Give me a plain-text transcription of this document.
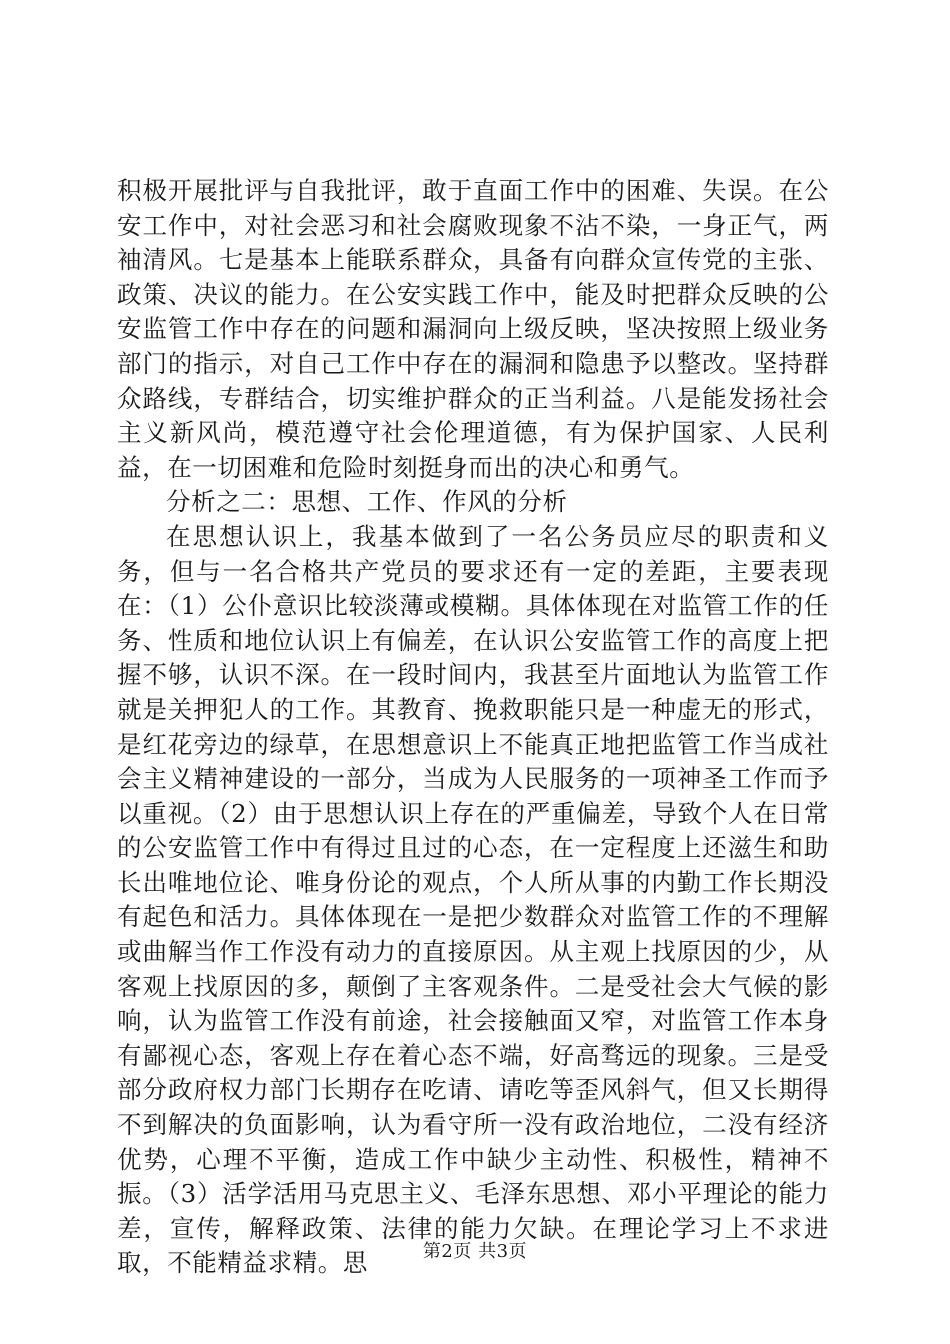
积极开展批评与自我批评，敢于直面工作中的困难、失误。在公安工作中，对社会恶习和社会腐败现象不沾不染，一身正气，两袖清风。七是基本上能联系群众，具备有向群众宣传党的主张、政策、决议的能力。在公安实践工作中，能及时把群众反映的公安监管工作中存在的问题和漏洞向上级反映，坚决按照上级业务部门的指示，对自己工作中存在的漏洞和隐患予以整改。坚持群众路线，专群结合，切实维护群众的正当利益。八是能发扬社会主义新风尚，模范遵守社会伦理道德，有为保护国家、人民利益，在一切困难和危险时刻挺身而出的决心和勇气。

分析之二：思想、工作、作风的分析

在思想认识上，我基本做到了一名公务员应尽的职责和义务，但与一名合格共产党员的要求还有一定的差距，主要表现在：（1）公仆意识比较淡薄或模糊。具体体现在对监管工作的任务、性质和地位认识上有偏差，在认识公安监管工作的高度上把握不够，认识不深。在一段时间内，我甚至片面地认为监管工作就是关押犯人的工作。其教育、挽救职能只是一种虚无的形式，是红花旁边的绿草，在思想意识上不能真正地把监管工作当成社会主义精神建设的一部分，当成为人民服务的一项神圣工作而予以重视。（2）由于思想认识上存在的严重偏差，导致个人在日常的公安监管工作中有得过且过的心态，在一定程度上还滋生和助长出唯地位论、唯身份论的观点，个人所从事的内勤工作长期没有起色和活力。具体体现在一是把少数群众对监管工作的不理解或曲解当作工作没有动力的直接原因。从主观上找原因的少，从客观上找原因的多，颠倒了主客观条件。二是受社会大气候的影响，认为监管工作没有前途，社会接触面又窄，对监管工作本身有鄙视心态，客观上存在着心态不端，好高骛远的现象。三是受部分政府权力部门长期存在吃请、请吃等歪风斜气，但又长期得不到解决的负面影响，认为看守所一没有政治地位，二没有经济优势，心理不平衡，造成工作中缺少主动性、积极性，精神不振。（3）活学活用马克思主义、毛泽东思想、邓小平理论的能力差，宣传，解释政策、法律的能力欠缺。在理论学习上不求进取，不能精益求精。思	第2页 共3页
